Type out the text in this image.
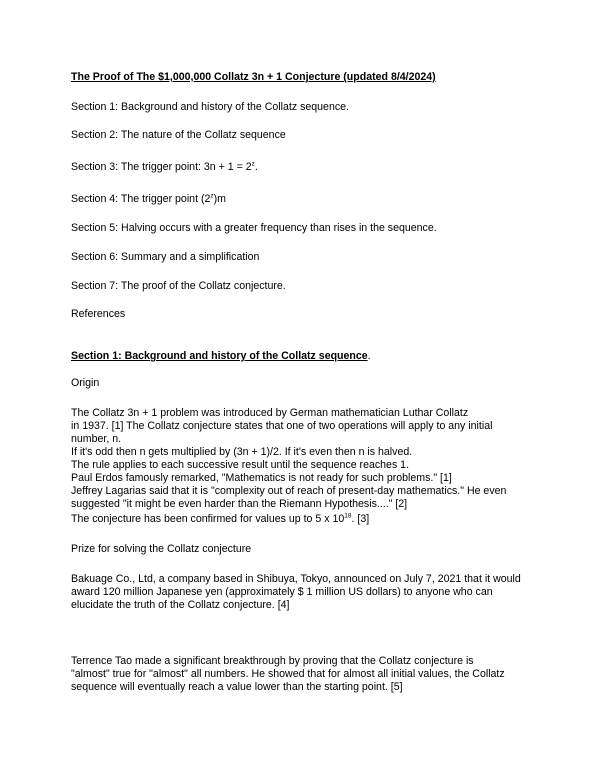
The Proof of The $1,000,000 Collatz 3n + 1 Conjecture (updated 8/4/2024)
Section 1: Background and history of the Collatz sequence.
Section 2: The nature of the Collatz sequence
Section 3: The trigger point: $3n + 1 = 2^z$.
Section 4: The trigger point (2$^z$)m
Section 5: Halving occurs with a greater frequency than rises in the sequence.
Section 6: Summary and a simplification
Section 7: The proof of the Collatz conjecture.
References
Section 1: Background and history of the Collatz sequence.
Origin
The Collatz 3n + 1 problem was introduced by German mathematician Luthar Collatz
in 1937. [1] The Collatz conjecture states that one of two operations will apply to any initial
number, n.
If it's odd then n gets multiplied by (3n + 1)/2. If it's even then n is halved.
The rule applies to each successive result until the sequence reaches 1.
Paul Erdos famously remarked, "Mathematics is not ready for such problems." [1]
Jeffrey Lagarias said that it is "complexity out of reach of present-day mathematics." He even
suggested "it might be even harder than the Riemann Hypothesis...." [2]
The conjecture has been confirmed for values up to 5 x $10^{18}$. [3]
Prize for solving the Collatz conjecture
Bakuage Co., Ltd, a company based in Shibuya, Tokyo, announced on July 7, 2021 that it would
award 120 million Japanese yen (approximately $ 1 million US dollars) to anyone who can
elucidate the truth of the Collatz conjecture. [4]
Terrence Tao made a significant breakthrough by proving that the Collatz conjecture is
"almost" true for "almost" all numbers. He showed that for almost all initial values, the Collatz
sequence will eventually reach a value lower than the starting point. [5]
